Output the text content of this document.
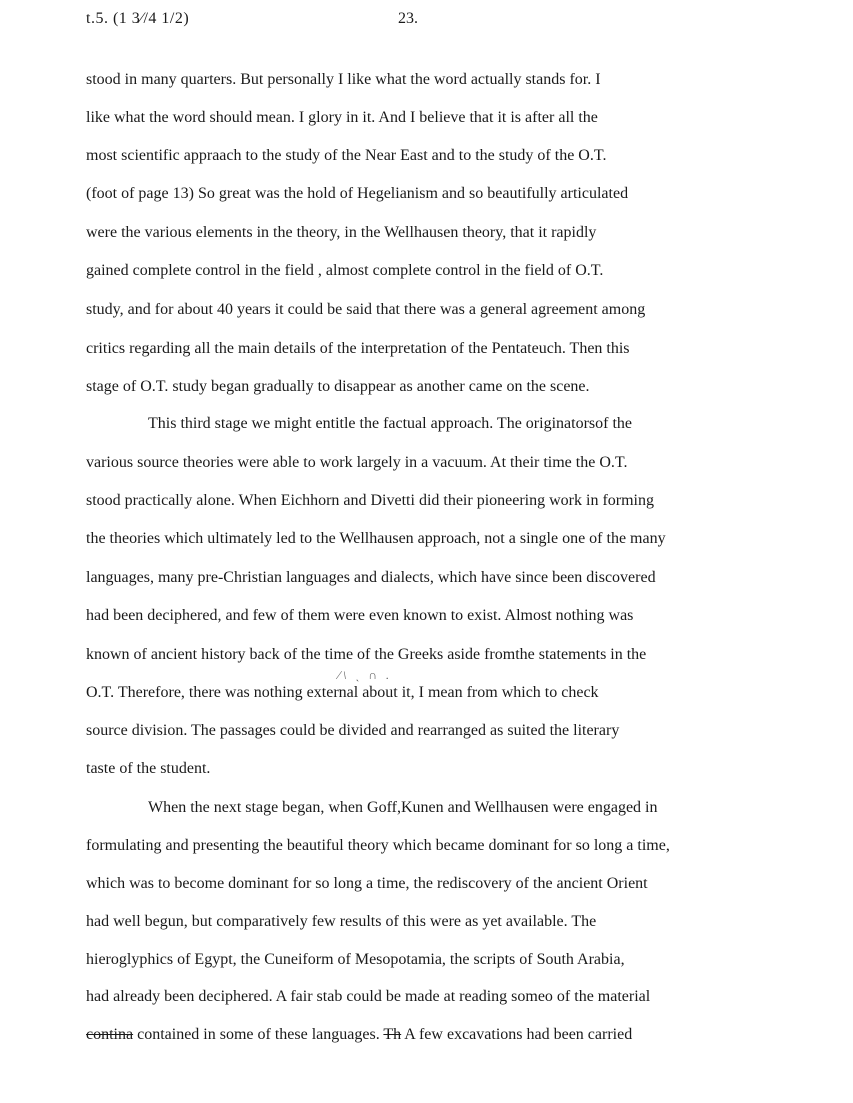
t.5. (1 3⁄/4 1/2)	23.
stood in many quarters. But personally I like what the word actually stands for. I
like what the word should mean. I glory in it. And I believe that it is after all the
most scientific appraach to the study of the Near East and to the study of the O.T.
(foot of page 13) So great was the hold of Hegelianism and so beautifully articulated
were the various elements in the theory, in the Wellhausen theory, that it rapidly
gained complete control in the field , almost complete control in the field of O.T.
study, and for about 40 years it could be said that there was a general agreement among
critics regarding all the main details of the interpretation of the Pentateuch. Then this
stage of O.T. study began gradually to disappear as another came on the scene.
This third stage we might entitle the factual approach. The originatorsof the
various source theories were able to work largely in a vacuum. At their time the O.T.
stood practically alone. When Eichhorn and Divetti did their pioneering work in forming
the theories which ultimately led to the Wellhausen approach, not a single one of the many
languages, many pre-Christian languages and dialects, which have since been discovered
had been deciphered, and few of them were even known to exist. Almost nothing was
known of ancient history back of the time of the Greeks aside fromthe statements in the
∕\ ˎ ∩ .
O.T. Therefore, there was nothing external about it, I mean from which to check
source division. The passages could be divided and rearranged as suited the literary
taste of the student.
When the next stage began, when Goff,Kunen and Wellhausen were engaged in
formulating and presenting the beautiful theory which became dominant for so long a time,
which was to become dominant for so long a time, the rediscovery of the ancient Orient
had well begun, but comparatively few results of this were as yet available. The
hieroglyphics of Egypt, the Cuneiform of Mesopotamia, the scripts of South Arabia,
had already been deciphered. A fair stab could be made at reading someo of the material
contina contained in some of these languages. Th A few excavations had been carried
